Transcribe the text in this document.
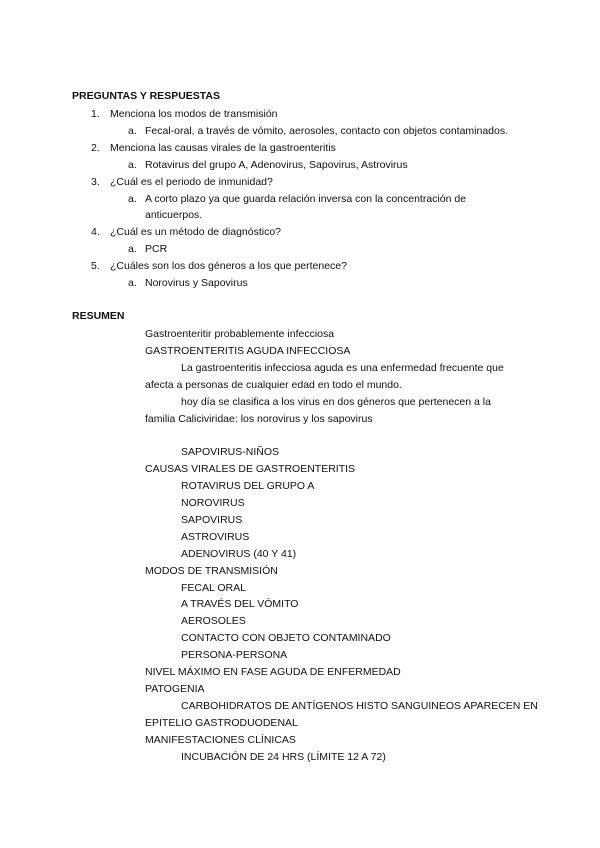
PREGUNTAS Y RESPUESTAS
RESUMEN
1. Menciona los modos de transmisión
a. Fecal-oral, a través de vómito, aerosoles, contacto con objetos contaminados.
2. Menciona las causas virales de la gastroenteritis
a. Rotavirus del grupo A, Adenovirus, Sapovirus, Astrovirus
3. ¿Cuál es el periodo de inmunidad?
a. A corto plazo ya que guarda relación inversa con la concentración de
anticuerpos.
4. ¿Cuál es un método de diagnóstico?
a. PCR
5. ¿Cuáles son los dos géneros a los que pertenece?
a. Norovirus y Sapovirus
Gastroenteritir probablemente infecciosa
GASTROENTERITIS AGUDA INFECCIOSA
La gastroenteritis infecciosa aguda es una enfermedad frecuente que
afecta a personas de cualquier edad en todo el mundo.
hoy día se clasifica a los virus en dos géneros que pertenecen a la
familia Caliciviridae: los norovirus y los sapovirus
SAPOVIRUS-NIÑOS
CAUSAS VIRALES DE GASTROENTERITIS
ROTAVIRUS DEL GRUPO A
NOROVIRUS
SAPOVIRUS
ASTROVIRUS
ADENOVIRUS (40 Y 41)
MODOS DE TRANSMISIÓN
FECAL ORAL
A TRAVÉS DEL VÓMITO
AEROSOLES
CONTACTO CON OBJETO CONTAMINADO
PERSONA-PERSONA
NIVEL MÁXIMO EN FASE AGUDA DE ENFERMEDAD
PATOGENIA
CARBOHIDRATOS DE ANTÍGENOS HISTO SANGUINEOS APARECEN EN
EPITELIO GASTRODUODENAL
MANIFESTACIONES CLÍNICAS
INCUBACIÓN DE 24 HRS (LÍMITE 12 A 72)
